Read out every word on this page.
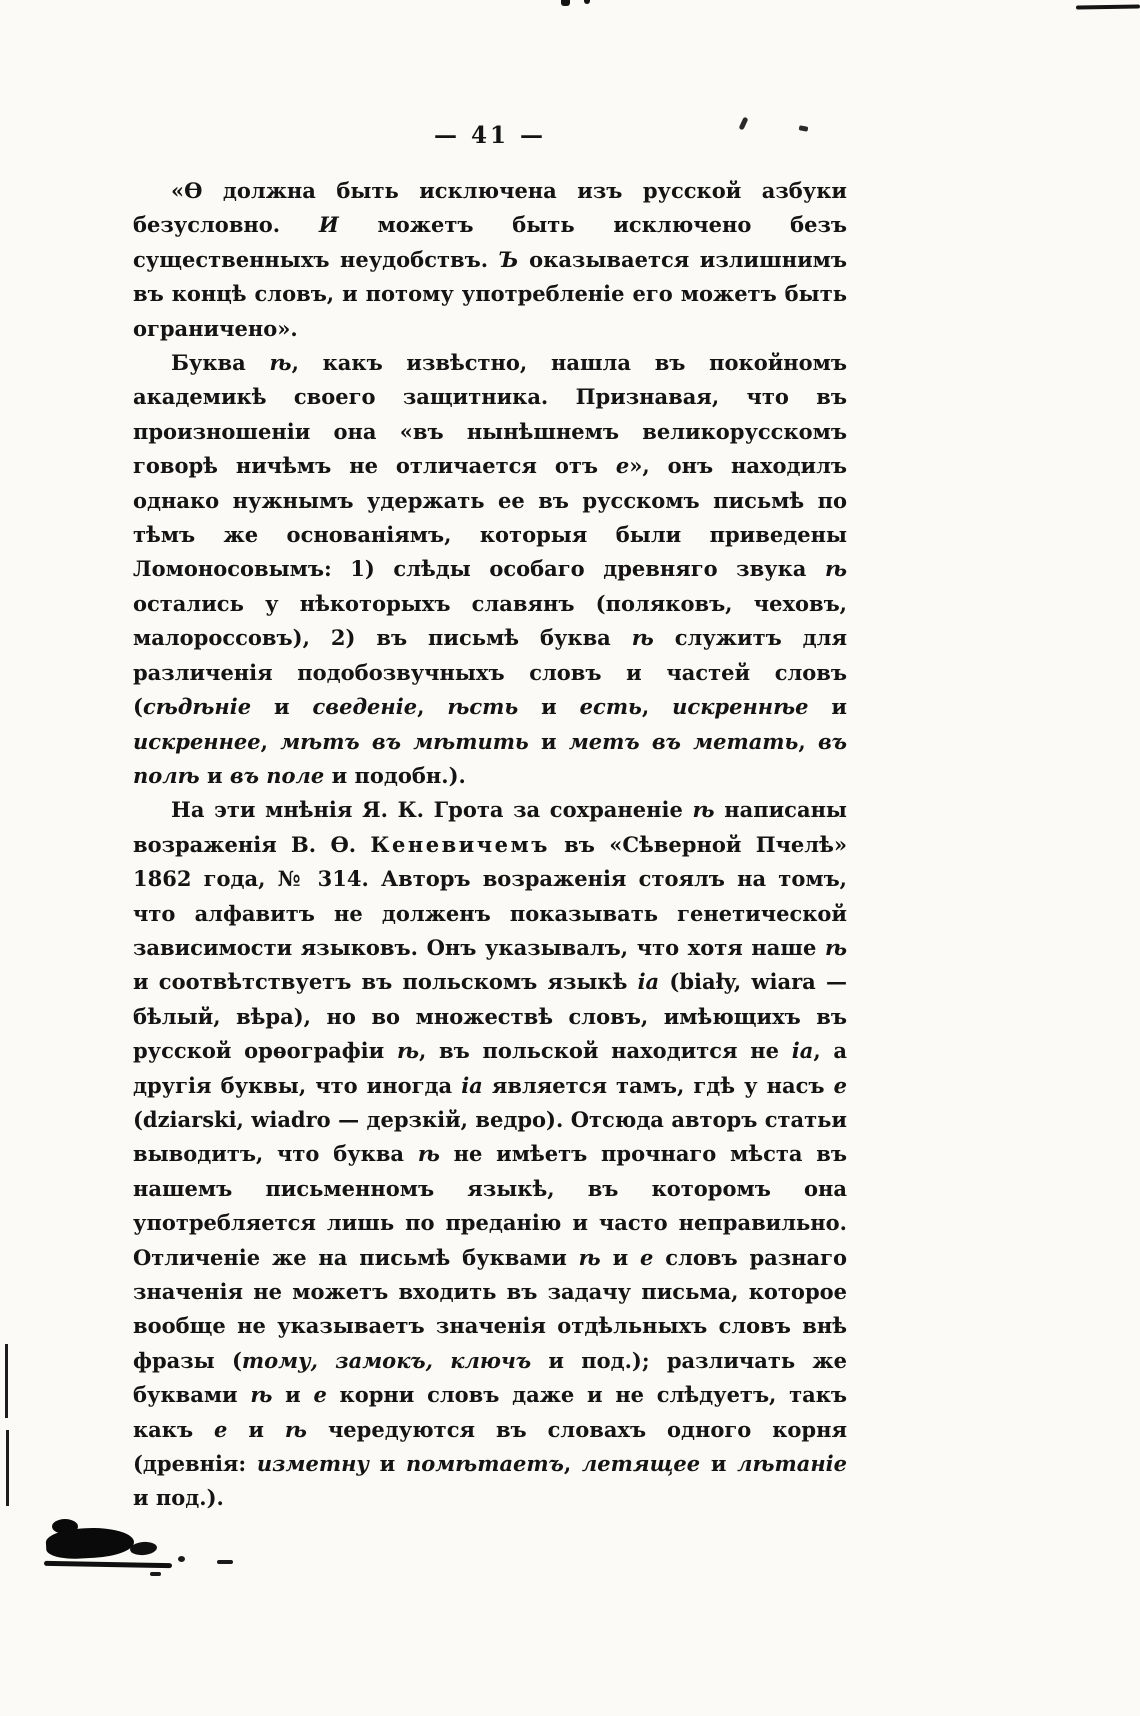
— 41 —

«Ѳ должна быть исключена изъ русской азбуки безусловно. И можетъ быть исключено безъ существенныхъ неудобствъ. Ъ оказывается излишнимъ въ концѣ словъ, и потому употребленіе его можетъ быть ограничено».

Буква ѣ, какъ извѣстно, нашла въ покойномъ академикѣ своего защитника. Признавая, что въ произношеніи она «въ нынѣшнемъ великорусскомъ говорѣ ничѣмъ не отличается отъ е», онъ находилъ однако нужнымъ удержать ее въ русскомъ письмѣ по тѣмъ же основаніямъ, которыя были приведены Ломоносовымъ: 1) слѣды особаго древняго звука ѣ остались у нѣкоторыхъ славянъ (поляковъ, чеховъ, малороссовъ), 2) въ письмѣ буква ѣ служитъ для различенія подобозвучныхъ словъ и частей словъ (сѣдѣніе и сведеніе, ѣсть и есть, искреннѣе и искреннее, мѣтъ въ мѣтить и метъ въ метать, въ полѣ и въ поле и подобн.).

На эти мнѣнія Я. К. Грота за сохраненіе ѣ написаны возраженія В. Ѳ. Кеневичемъ въ «Сѣверной Пчелѣ» 1862 года, № 314. Авторъ возраженія стоялъ на томъ, что алфавитъ не долженъ показывать генетической зависимости языковъ. Онъ указывалъ, что хотя наше ѣ и соотвѣтствуетъ въ польскомъ языкѣ ia (biały, wiara — бѣлый, вѣра), но во множествѣ словъ, имѣющихъ въ русской орѳографіи ѣ, въ польской находится не ia, а другія буквы, что иногда ia является тамъ, гдѣ у насъ е (dziarski, wiadro — дерзкій, ведро). Отсюда авторъ статьи выводитъ, что буква ѣ не имѣетъ прочнаго мѣста въ нашемъ письменномъ языкѣ, въ которомъ она употребляется лишь по преданію и часто неправильно. Отличеніе же на письмѣ буквами ѣ и е словъ разнаго значенія не можетъ входить въ задачу письма, которое вообще не указываетъ значенія отдѣльныхъ словъ внѣ фразы (тому, замокъ, ключъ и под.); различать же буквами ѣ и е корни словъ даже и не слѣдуетъ, такъ какъ е и ѣ чередуются въ словахъ одного корня (древнія: изметну и помѣтаетъ, летящее и лѣтаніе и под.).
